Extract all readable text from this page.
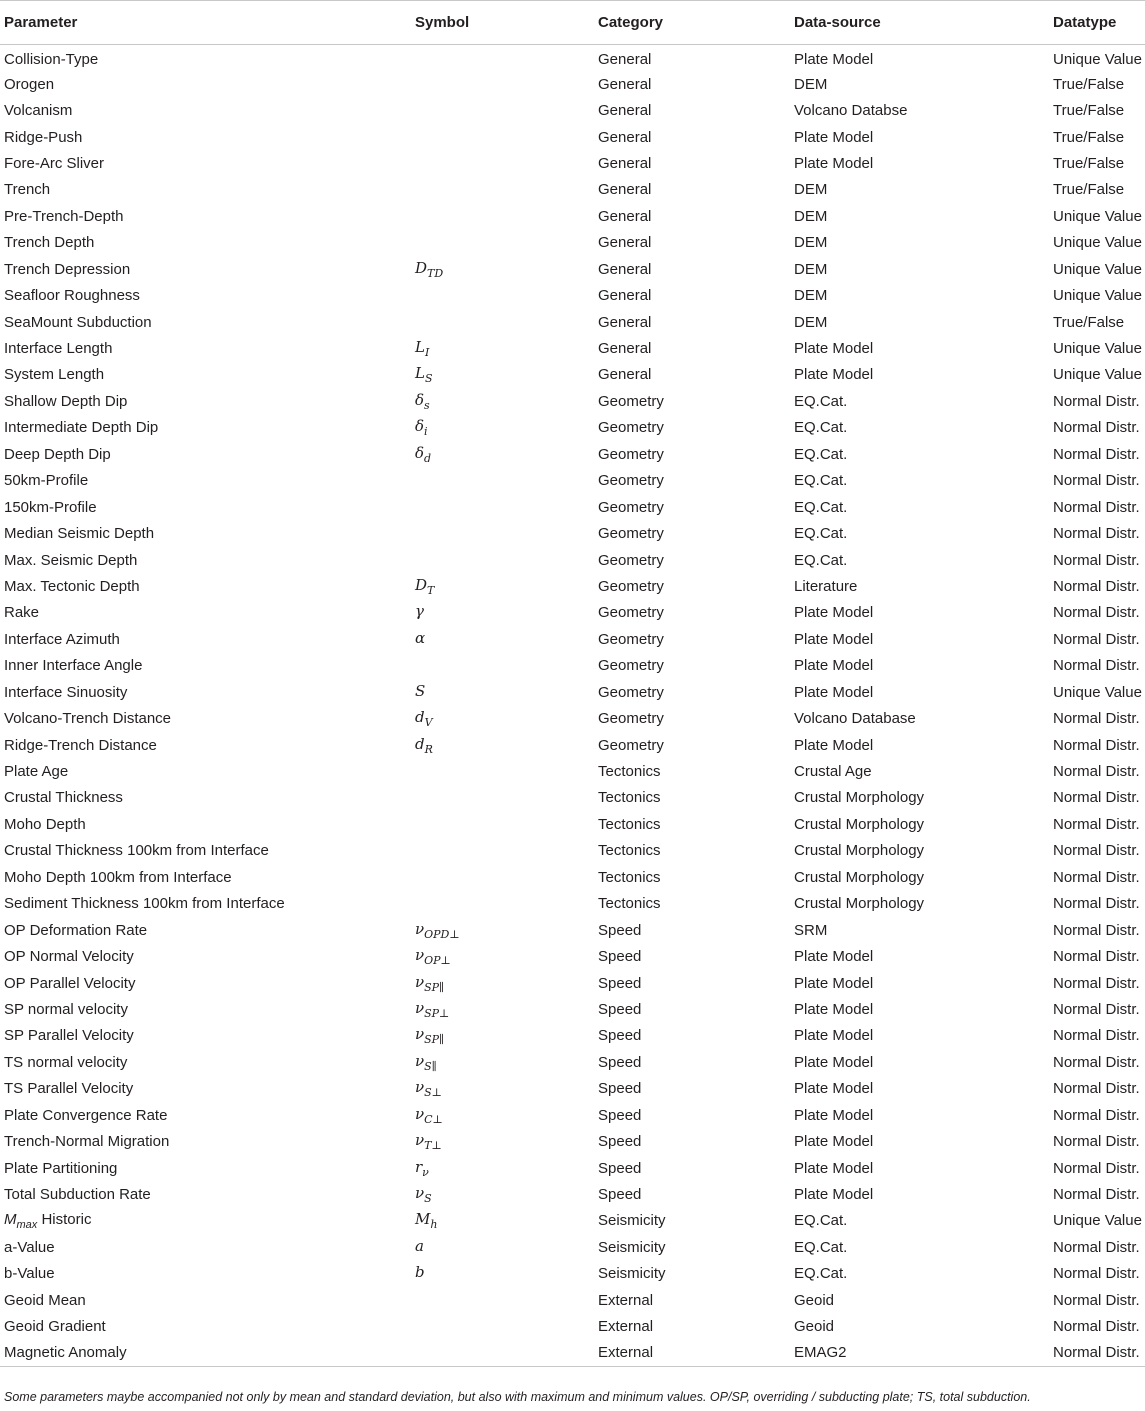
Parameter	Symbol	Category	Data-source	Datatype
Collision-Type		General	Plate Model	Unique Value
Orogen		General	DEM	True/False
Volcanism		General	Volcano Databse	True/False
Ridge-Push		General	Plate Model	True/False
Fore-Arc Sliver		General	Plate Model	True/False
Trench		General	DEM	True/False
Pre-Trench-Depth		General	DEM	Unique Value
Trench Depth		General	DEM	Unique Value
Trench Depression	$D_{TD}$	General	DEM	Unique Value
Seafloor Roughness		General	DEM	Unique Value
SeaMount Subduction		General	DEM	True/False
Interface Length	$L_I$	General	Plate Model	Unique Value
System Length	$L_S$	General	Plate Model	Unique Value
Shallow Depth Dip	$\delta_s$	Geometry	EQ.Cat.	Normal Distr.
Intermediate Depth Dip	$\delta_i$	Geometry	EQ.Cat.	Normal Distr.
Deep Depth Dip	$\delta_d$	Geometry	EQ.Cat.	Normal Distr.
50km-Profile		Geometry	EQ.Cat.	Normal Distr.
150km-Profile		Geometry	EQ.Cat.	Normal Distr.
Median Seismic Depth		Geometry	EQ.Cat.	Normal Distr.
Max. Seismic Depth		Geometry	EQ.Cat.	Normal Distr.
Max. Tectonic Depth	$D_T$	Geometry	Literature	Normal Distr.
Rake	γ	Geometry	Plate Model	Normal Distr.
Interface Azimuth	α	Geometry	Plate Model	Normal Distr.
Inner Interface Angle		Geometry	Plate Model	Normal Distr.
Interface Sinuosity	S	Geometry	Plate Model	Unique Value
Volcano-Trench Distance	$d_V$	Geometry	Volcano Database	Normal Distr.
Ridge-Trench Distance	$d_R$	Geometry	Plate Model	Normal Distr.
Plate Age		Tectonics	Crustal Age	Normal Distr.
Crustal Thickness		Tectonics	Crustal Morphology	Normal Distr.
Moho Depth		Tectonics	Crustal Morphology	Normal Distr.
Crustal Thickness 100km from Interface		Tectonics	Crustal Morphology	Normal Distr.
Moho Depth 100km from Interface		Tectonics	Crustal Morphology	Normal Distr.
Sediment Thickness 100km from Interface		Tectonics	Crustal Morphology	Normal Distr.
OP Deformation Rate	$\nu_{OPD\perp}$	Speed	SRM	Normal Distr.
OP Normal Velocity	$\nu_{OP\perp}$	Speed	Plate Model	Normal Distr.
OP Parallel Velocity	$\nu_{SP\parallel}$	Speed	Plate Model	Normal Distr.
SP normal velocity	$\nu_{SP\perp}$	Speed	Plate Model	Normal Distr.
SP Parallel Velocity	$\nu_{SP\parallel}$	Speed	Plate Model	Normal Distr.
TS normal velocity	$\nu_{S\parallel}$	Speed	Plate Model	Normal Distr.
TS Parallel Velocity	$\nu_{S\perp}$	Speed	Plate Model	Normal Distr.
Plate Convergence Rate	$\nu_{C\perp}$	Speed	Plate Model	Normal Distr.
Trench-Normal Migration	$\nu_{T\perp}$	Speed	Plate Model	Normal Distr.
Plate Partitioning	$r_\nu$	Speed	Plate Model	Normal Distr.
Total Subduction Rate	$\nu_S$	Speed	Plate Model	Normal Distr.
$M_{max}$ Historic	$M_h$	Seismicity	EQ.Cat.	Unique Value
a-Value	a	Seismicity	EQ.Cat.	Normal Distr.
b-Value	b	Seismicity	EQ.Cat.	Normal Distr.
Geoid Mean		External	Geoid	Normal Distr.
Geoid Gradient		External	Geoid	Normal Distr.
Magnetic Anomaly		External	EMAG2	Normal Distr.
Some parameters maybe accompanied not only by mean and standard deviation, but also with maximum and minimum values. OP/SP, overriding / subducting plate; TS, total subduction.
